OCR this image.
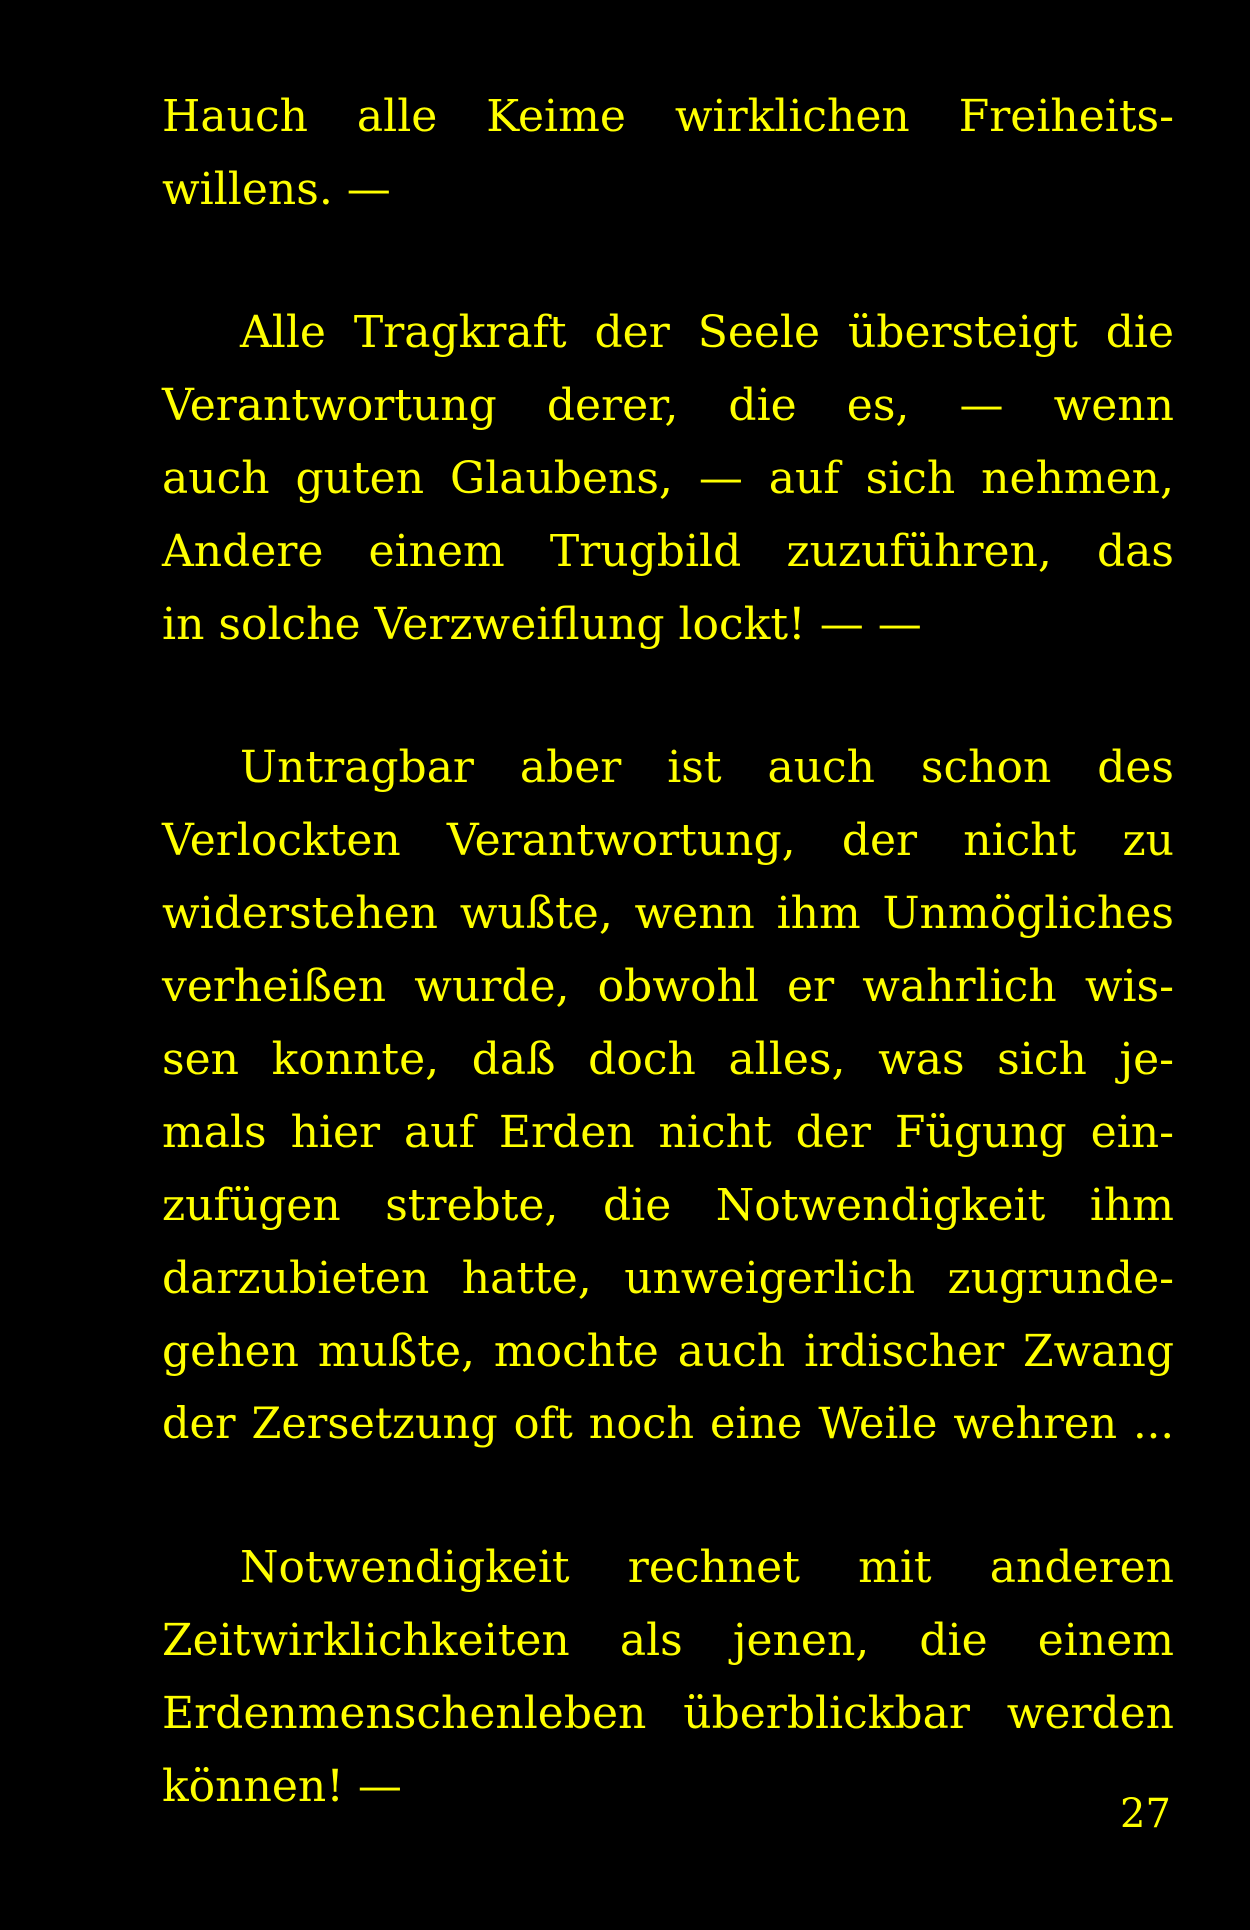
Hauch alle Keime wirklichen Freiheits-
willens. —
Alle Tragkraft der Seele übersteigt die
Verantwortung derer, die es, — wenn
auch guten Glaubens, — auf sich nehmen,
Andere einem Trugbild zuzuführen, das
in solche Verzweiflung lockt! — —
Untragbar aber ist auch schon des
Verlockten Verantwortung, der nicht zu
widerstehen wußte, wenn ihm Unmögliches
verheißen wurde, obwohl er wahrlich wis-
sen konnte, daß doch alles, was sich je-
mals hier auf Erden nicht der Fügung ein-
zufügen strebte, die Notwendigkeit ihm
darzubieten hatte, unweigerlich zugrunde-
gehen mußte, mochte auch irdischer Zwang
der Zersetzung oft noch eine Weile wehren ...
Notwendigkeit rechnet mit anderen
Zeitwirklichkeiten als jenen, die einem
Erdenmenschenleben überblickbar werden
können! —
27
